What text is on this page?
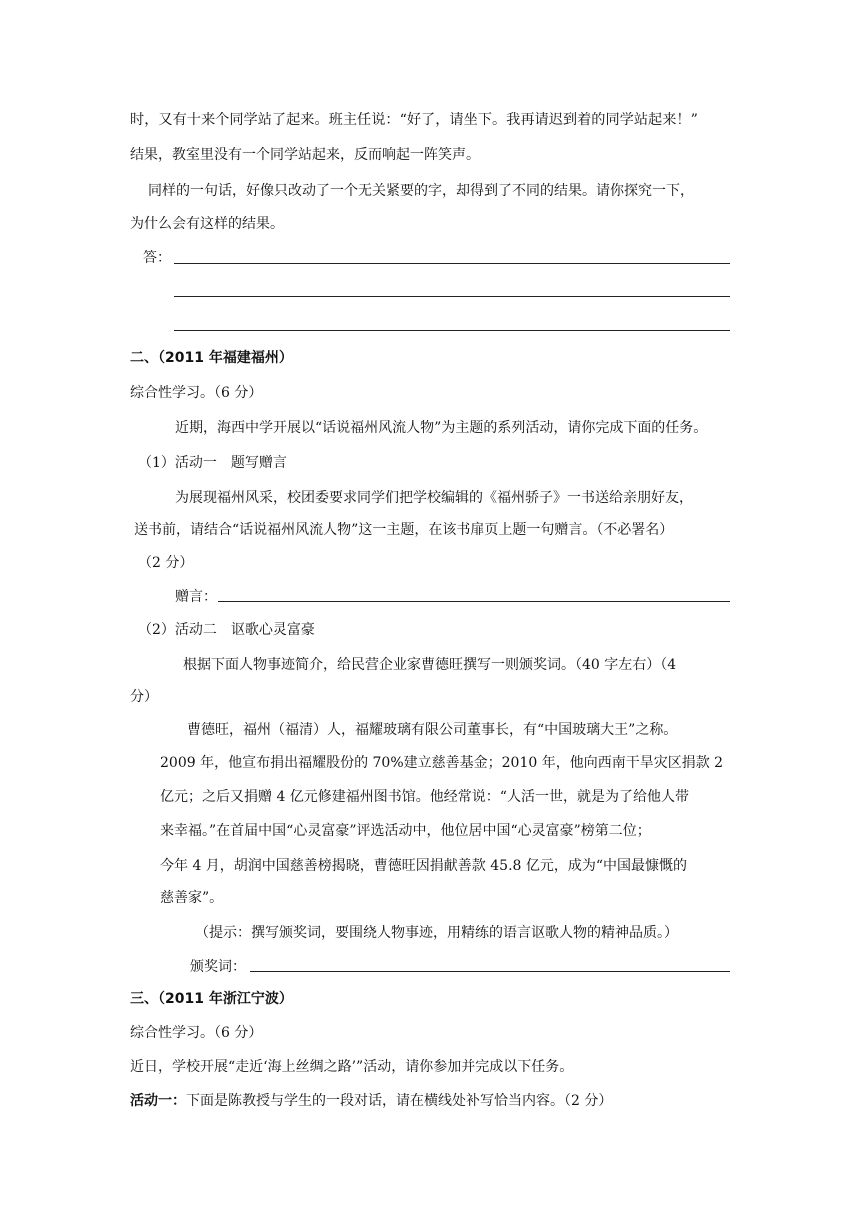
时，又有十来个同学站了起来。班主任说：“好了，请坐下。我再请迟到着的同学站起来！”
结果，教室里没有一个同学站起来，反而响起一阵笑声。
同样的一句话，好像只改动了一个无关紧要的字，却得到了不同的结果。请你探究一下，
为什么会有这样的结果。
答：
二、（2011 年福建福州）
综合性学习。（6 分）
近期，海西中学开展以“话说福州风流人物”为主题的系列活动，请你完成下面的任务。
（1）活动一　题写赠言
为展现福州风采，校团委要求同学们把学校编辑的《福州骄子》一书送给亲朋好友，
送书前，请结合“话说福州风流人物”这一主题，在该书扉页上题一句赠言。（不必署名）
（2 分）
赠言：
（2）活动二　讴歌心灵富豪
根据下面人物事迹简介，给民营企业家曹德旺撰写一则颁奖词。（40 字左右）（4
分）
曹德旺，福州（福清）人，福耀玻璃有限公司董事长，有“中国玻璃大王”之称。
2009 年，他宣布捐出福耀股份的 70%建立慈善基金；2010 年，他向西南干旱灾区捐款 2
亿元；之后又捐赠 4 亿元修建福州图书馆。他经常说：“人活一世，就是为了给他人带
来幸福。”在首届中国“心灵富豪”评选活动中，他位居中国“心灵富豪”榜第二位；
今年 4 月，胡润中国慈善榜揭晓，曹德旺因捐献善款 45.8 亿元，成为“中国最慷慨的
慈善家”。
（提示：撰写颁奖词，要围绕人物事迹，用精练的语言讴歌人物的精神品质。）
颁奖词：
三、（2011 年浙江宁波）
综合性学习。（6 分）
近日，学校开展“走近‘海上丝绸之路’”活动，请你参加并完成以下任务。
活动一：下面是陈教授与学生的一段对话，请在横线处补写恰当内容。（2 分）
